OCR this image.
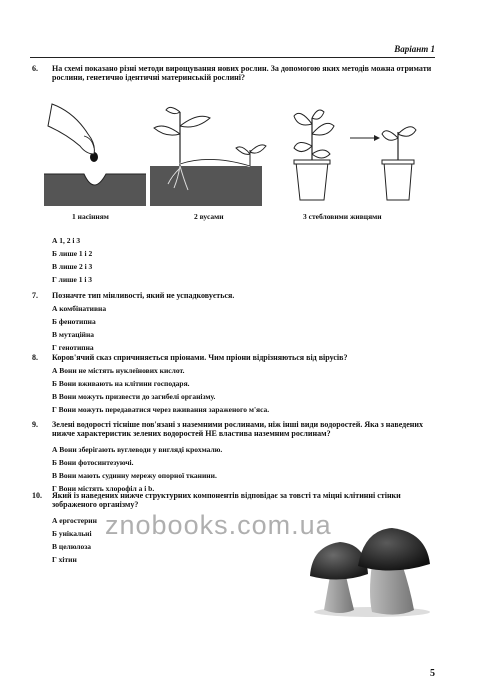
Варіант 1
6. На схемі показано різні методи вирощування нових рослин. За допомогою яких методів можна отримати рослини, генетично ідентичні материнській рослині?
1 насінням	2 вусами	3 стебловими живцями
А 1, 2 і 3
Б лише 1 і 2
В лише 2 і 3
Г лише 1 і 3
7. Позначте тип мінливості, який не успадковується.
А комбінативна
Б фенотипна
В мутаційна
Г генотипна
8. Коров'ячий сказ спричиняється пріонами. Чим пріони відрізняються від вірусів?
А Вони не містять нуклеїнових кислот.
Б Вони вживають на клітини господаря.
В Вони можуть призвести до загибелі організму.
Г Вони можуть передаватися через вживання зараженого м'яса.
9. Зелені водорості тісніше пов'язані з наземними рослинами, ніж інші види водоростей. Яка з наведених нижче характеристик зелених водоростей НЕ властива наземним рослинам?
А Вони зберігають вуглеводи у вигляді крохмалю.
Б Вони фотосинтезуючі.
В Вони мають судинну мережу опорної тканини.
Г Вони містять хлорофіл a і b.
10. Який із наведених нижче структурних компонентів відповідає за товсті та міцні клітинні стінки зображеного організму?
А ергостерин
Б унікальні
В целюлоза
Г хітин
znobooks.com.ua
5
